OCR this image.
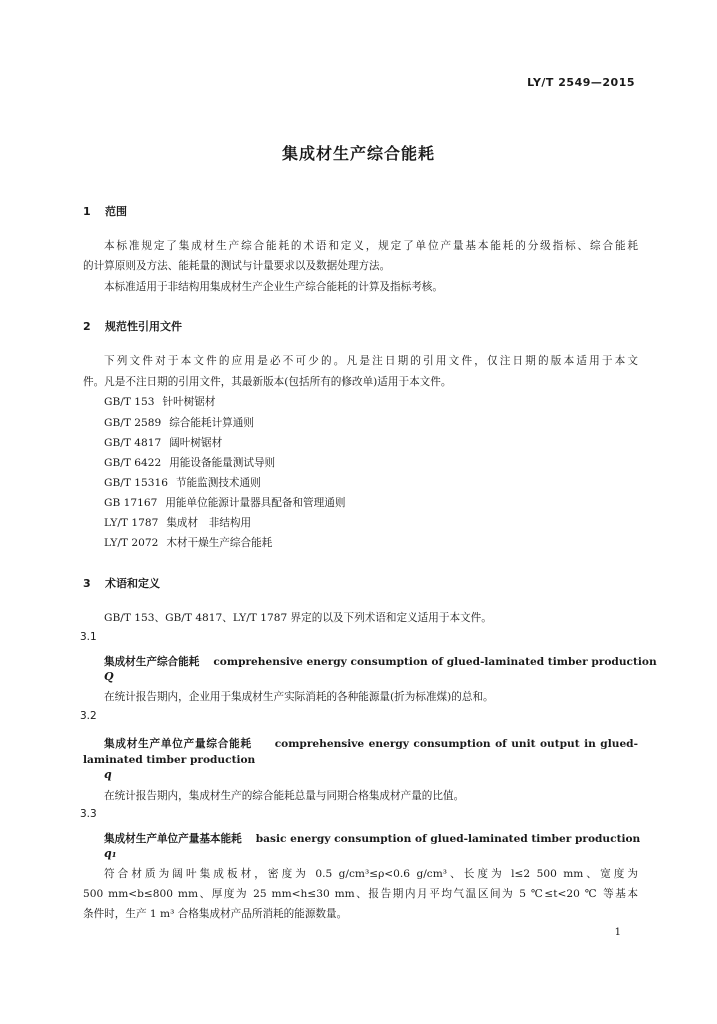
LY/T 2549—2015
集成材生产综合能耗
1 范围
本标准规定了集成材生产综合能耗的术语和定义，规定了单位产量基本能耗的分级指标、综合能耗
的计算原则及方法、能耗量的测试与计量要求以及数据处理方法。
本标准适用于非结构用集成材生产企业生产综合能耗的计算及指标考核。
2 规范性引用文件
下列文件对于本文件的应用是必不可少的。凡是注日期的引用文件，仅注日期的版本适用于本文
件。凡是不注日期的引用文件，其最新版本(包括所有的修改单)适用于本文件。
GB/T 153 针叶树锯材
GB/T 2589 综合能耗计算通则
GB/T 4817 阔叶树锯材
GB/T 6422 用能设备能量测试导则
GB/T 15316 节能监测技术通则
GB 17167 用能单位能源计量器具配备和管理通则
LY/T 1787 集成材　非结构用
LY/T 2072 木材干燥生产综合能耗
3 术语和定义
GB/T 153、GB/T 4817、LY/T 1787 界定的以及下列术语和定义适用于本文件。
3.1
集成材生产综合能耗 comprehensive energy consumption of glued-laminated timber production
Q
在统计报告期内，企业用于集成材生产实际消耗的各种能源量(折为标准煤)的总和。
3.2
集成材生产单位产量综合能耗　 comprehensive energy consumption of unit output in glued-
laminated timber production
q
在统计报告期内，集成材生产的综合能耗总量与同期合格集成材产量的比值。
3.3
集成材生产单位产量基本能耗 basic energy consumption of glued-laminated timber production
q₁
符合材质为阔叶集成板材，密度为 0.5 g/cm³≤ρ<0.6 g/cm³、长度为 l≤2 500 mm、宽度为
500 mm<b≤800 mm、厚度为 25 mm<h≤30 mm、报告期内月平均气温区间为 5 ℃≤t<20 ℃ 等基本
条件时，生产 1 m³ 合格集成材产品所消耗的能源数量。
1
